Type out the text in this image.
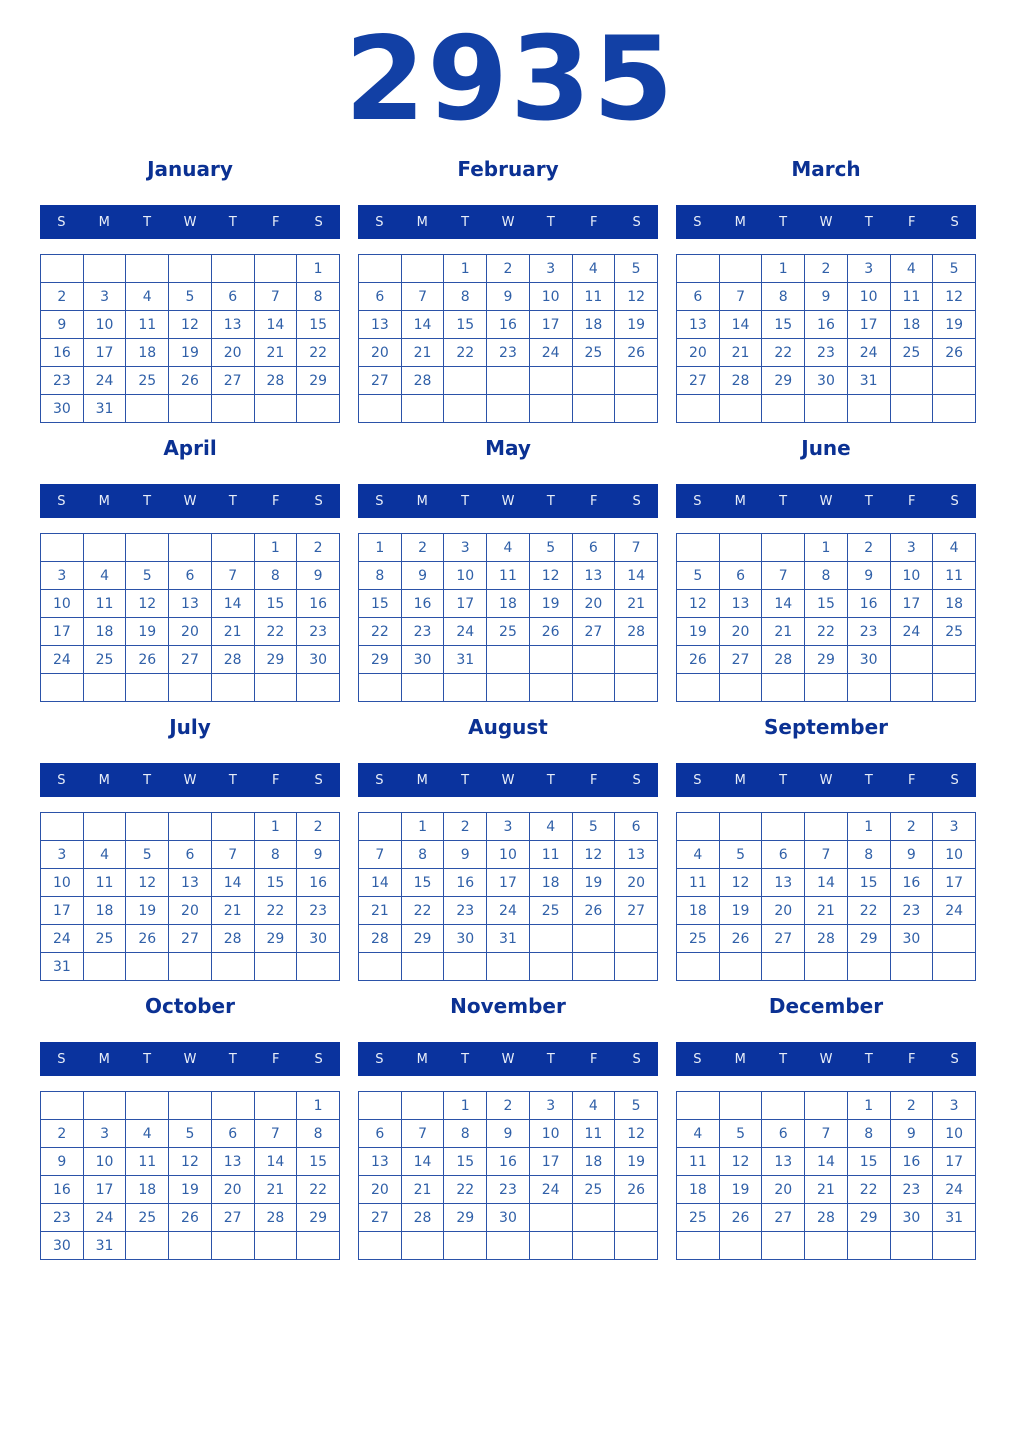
2935
January
S	M	T	W	T	F	S
						1
2	3	4	5	6	7	8
9	10	11	12	13	14	15
16	17	18	19	20	21	22
23	24	25	26	27	28	29
30	31					
February
S	M	T	W	T	F	S
		1	2	3	4	5
6	7	8	9	10	11	12
13	14	15	16	17	18	19
20	21	22	23	24	25	26
27	28					

March
S	M	T	W	T	F	S
		1	2	3	4	5
6	7	8	9	10	11	12
13	14	15	16	17	18	19
20	21	22	23	24	25	26
27	28	29	30	31		

April
S	M	T	W	T	F	S
					1	2
3	4	5	6	7	8	9
10	11	12	13	14	15	16
17	18	19	20	21	22	23
24	25	26	27	28	29	30

May
S	M	T	W	T	F	S
1	2	3	4	5	6	7
8	9	10	11	12	13	14
15	16	17	18	19	20	21
22	23	24	25	26	27	28
29	30	31				

June
S	M	T	W	T	F	S
			1	2	3	4
5	6	7	8	9	10	11
12	13	14	15	16	17	18
19	20	21	22	23	24	25
26	27	28	29	30		

July
S	M	T	W	T	F	S
					1	2
3	4	5	6	7	8	9
10	11	12	13	14	15	16
17	18	19	20	21	22	23
24	25	26	27	28	29	30
31						
August
S	M	T	W	T	F	S
	1	2	3	4	5	6
7	8	9	10	11	12	13
14	15	16	17	18	19	20
21	22	23	24	25	26	27
28	29	30	31			

September
S	M	T	W	T	F	S
				1	2	3
4	5	6	7	8	9	10
11	12	13	14	15	16	17
18	19	20	21	22	23	24
25	26	27	28	29	30	

October
S	M	T	W	T	F	S
						1
2	3	4	5	6	7	8
9	10	11	12	13	14	15
16	17	18	19	20	21	22
23	24	25	26	27	28	29
30	31					
November
S	M	T	W	T	F	S
		1	2	3	4	5
6	7	8	9	10	11	12
13	14	15	16	17	18	19
20	21	22	23	24	25	26
27	28	29	30			

December
S	M	T	W	T	F	S
				1	2	3
4	5	6	7	8	9	10
11	12	13	14	15	16	17
18	19	20	21	22	23	24
25	26	27	28	29	30	31
